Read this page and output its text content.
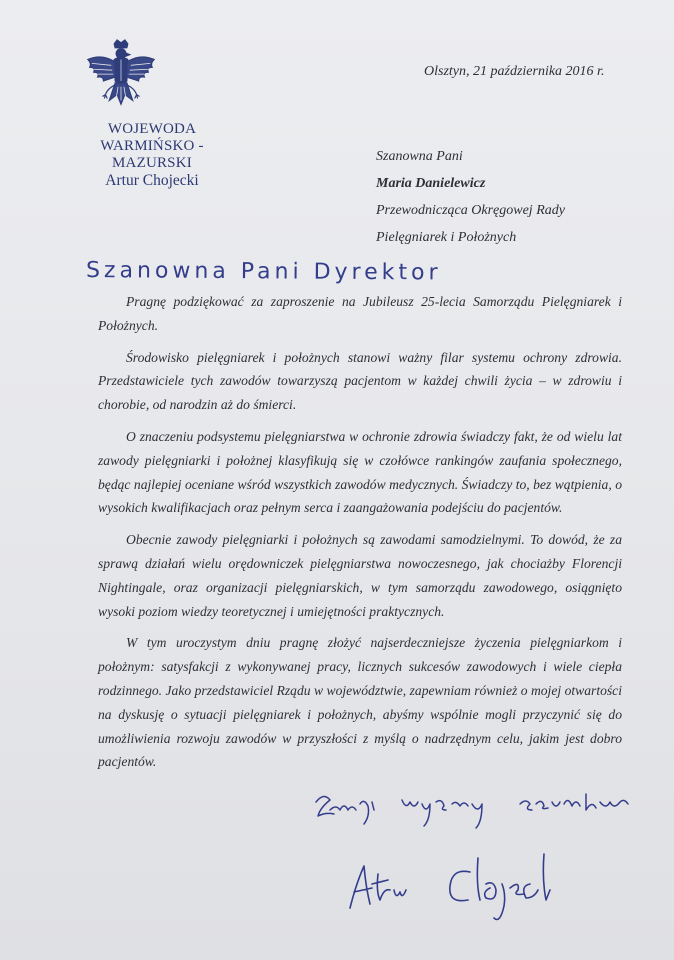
WOJEWODA
WARMIŃSKO - MAZURSKI
Artur Chojecki
Olsztyn, 21 października 2016 r.
Szanowna Pani
Maria Danielewicz
Przewodnicząca Okręgowej Rady
Pielęgniarek i Położnych
Szanowna Pani Dyrektor

Pragnę podziękować za zaproszenie na Jubileusz 25-lecia Samorządu Pielęgniarek i Położnych.

Środowisko pielęgniarek i położnych stanowi ważny filar systemu ochrony zdrowia. Przedstawiciele tych zawodów towarzyszą pacjentom w każdej chwili życia – w zdrowiu i chorobie, od narodzin aż do śmierci.

O znaczeniu podsystemu pielęgniarstwa w ochronie zdrowia świadczy fakt, że od wielu lat zawody pielęgniarki i położnej klasyfikują się w czołówce rankingów zaufania społecznego, będąc najlepiej oceniane wśród wszystkich zawodów medycznych. Świadczy to, bez wątpienia, o wysokich kwalifikacjach oraz pełnym serca i zaangażowania podejściu do pacjentów.

Obecnie zawody pielęgniarki i położnych są zawodami samodzielnymi. To dowód, że za sprawą działań wielu orędowniczek pielęgniarstwa nowoczesnego, jak chociażby Florencji Nightingale, oraz organizacji pielęgniarskich, w tym samorządu zawodowego, osiągnięto wysoki poziom wiedzy teoretycznej i umiejętności praktycznych.

W tym uroczystym dniu pragnę złożyć najserdeczniejsze życzenia pielęgniarkom i położnym: satysfakcji z wykonywanej pracy, licznych sukcesów zawodowych i wiele ciepła rodzinnego. Jako przedstawiciel Rządu w województwie, zapewniam również o mojej otwartości na dyskusję o sytuacji pielęgniarek i położnych, abyśmy wspólnie mogli przyczynić się do umożliwienia rozwoju zawodów w przyszłości z myślą o nadrzędnym celu, jakim jest dobro pacjentów.
